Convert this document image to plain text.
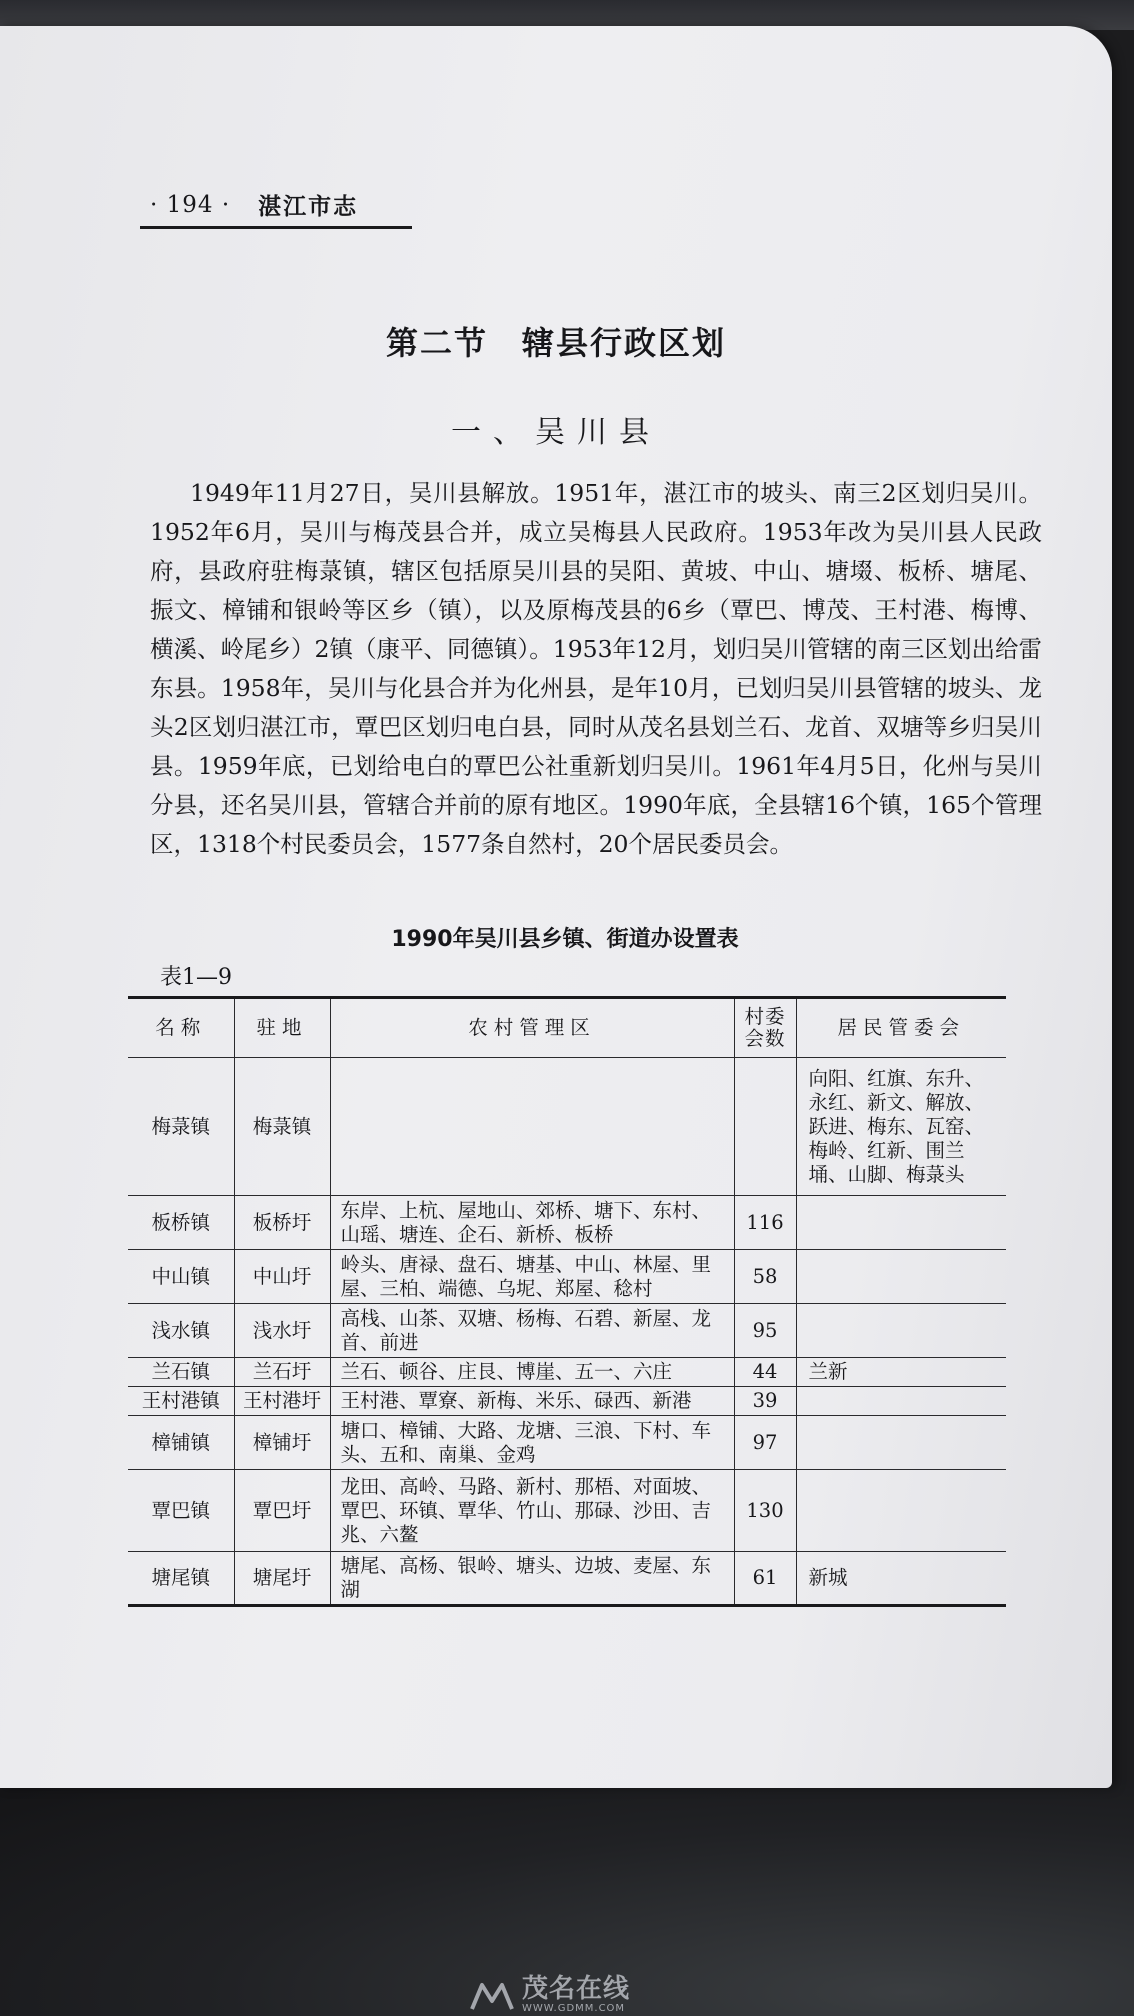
· 194 · 湛江市志
第二节　辖县行政区划
一、吴川县

1949年11月27日，吴川县解放。1951年，湛江市的坡头、南三2区划归吴川。1952年6月，吴川与梅茂县合并，成立吴梅县人民政府。1953年改为吴川县人民政府，县政府驻梅菉镇，辖区包括原吴川县的吴阳、黄坡、中山、塘㙍、板桥、塘尾、振文、樟铺和银岭等区乡（镇），以及原梅茂县的6乡（覃巴、博茂、王村港、梅博、横溪、岭尾乡）2镇（康平、同德镇）。1953年12月，划归吴川管辖的南三区划出给雷东县。1958年，吴川与化县合并为化州县，是年10月，已划归吴川县管辖的坡头、龙头2区划归湛江市，覃巴区划归电白县，同时从茂名县划兰石、龙首、双塘等乡归吴川县。1959年底，已划给电白的覃巴公社重新划归吴川。1961年4月5日，化州与吴川分县，还名吴川县，管辖合并前的原有地区。1990年底，全县辖16个镇，165个管理区，1318个村民委员会，1577条自然村，20个居民委员会。

1990年吴川县乡镇、街道办设置表
表1—9
名称	驻地	农村管理区	村委会数	居民管委会
梅菉镇	梅菉镇			向阳、红旗、东升、永红、新文、解放、跃进、梅东、瓦窑、梅岭、红新、围兰埇、山脚、梅菉头
板桥镇	板桥圩	东岸、上杭、屋地山、郊桥、塘下、东村、山瑶、塘连、企石、新桥、板桥	116	
中山镇	中山圩	岭头、唐禄、盘石、塘基、中山、林屋、里屋、三柏、端德、乌坭、郑屋、稔村	58	
浅水镇	浅水圩	高栈、山茶、双塘、杨梅、石碧、新屋、龙首、前进	95	
兰石镇	兰石圩	兰石、顿谷、庄艮、博崖、五一、六庄	44	兰新
王村港镇	王村港圩	王村港、覃寮、新梅、米乐、碌西、新港	39	
樟铺镇	樟铺圩	塘口、樟铺、大路、龙塘、三浪、下村、车头、五和、南巢、金鸡	97	
覃巴镇	覃巴圩	龙田、高岭、马路、新村、那梧、对面坡、覃巴、环镇、覃华、竹山、那碌、沙田、吉兆、六鳌	130	
塘尾镇	塘尾圩	塘尾、高杨、银岭、塘头、边坡、麦屋、东湖	61	新城
茂名在线
WWW.GDMM.COM
